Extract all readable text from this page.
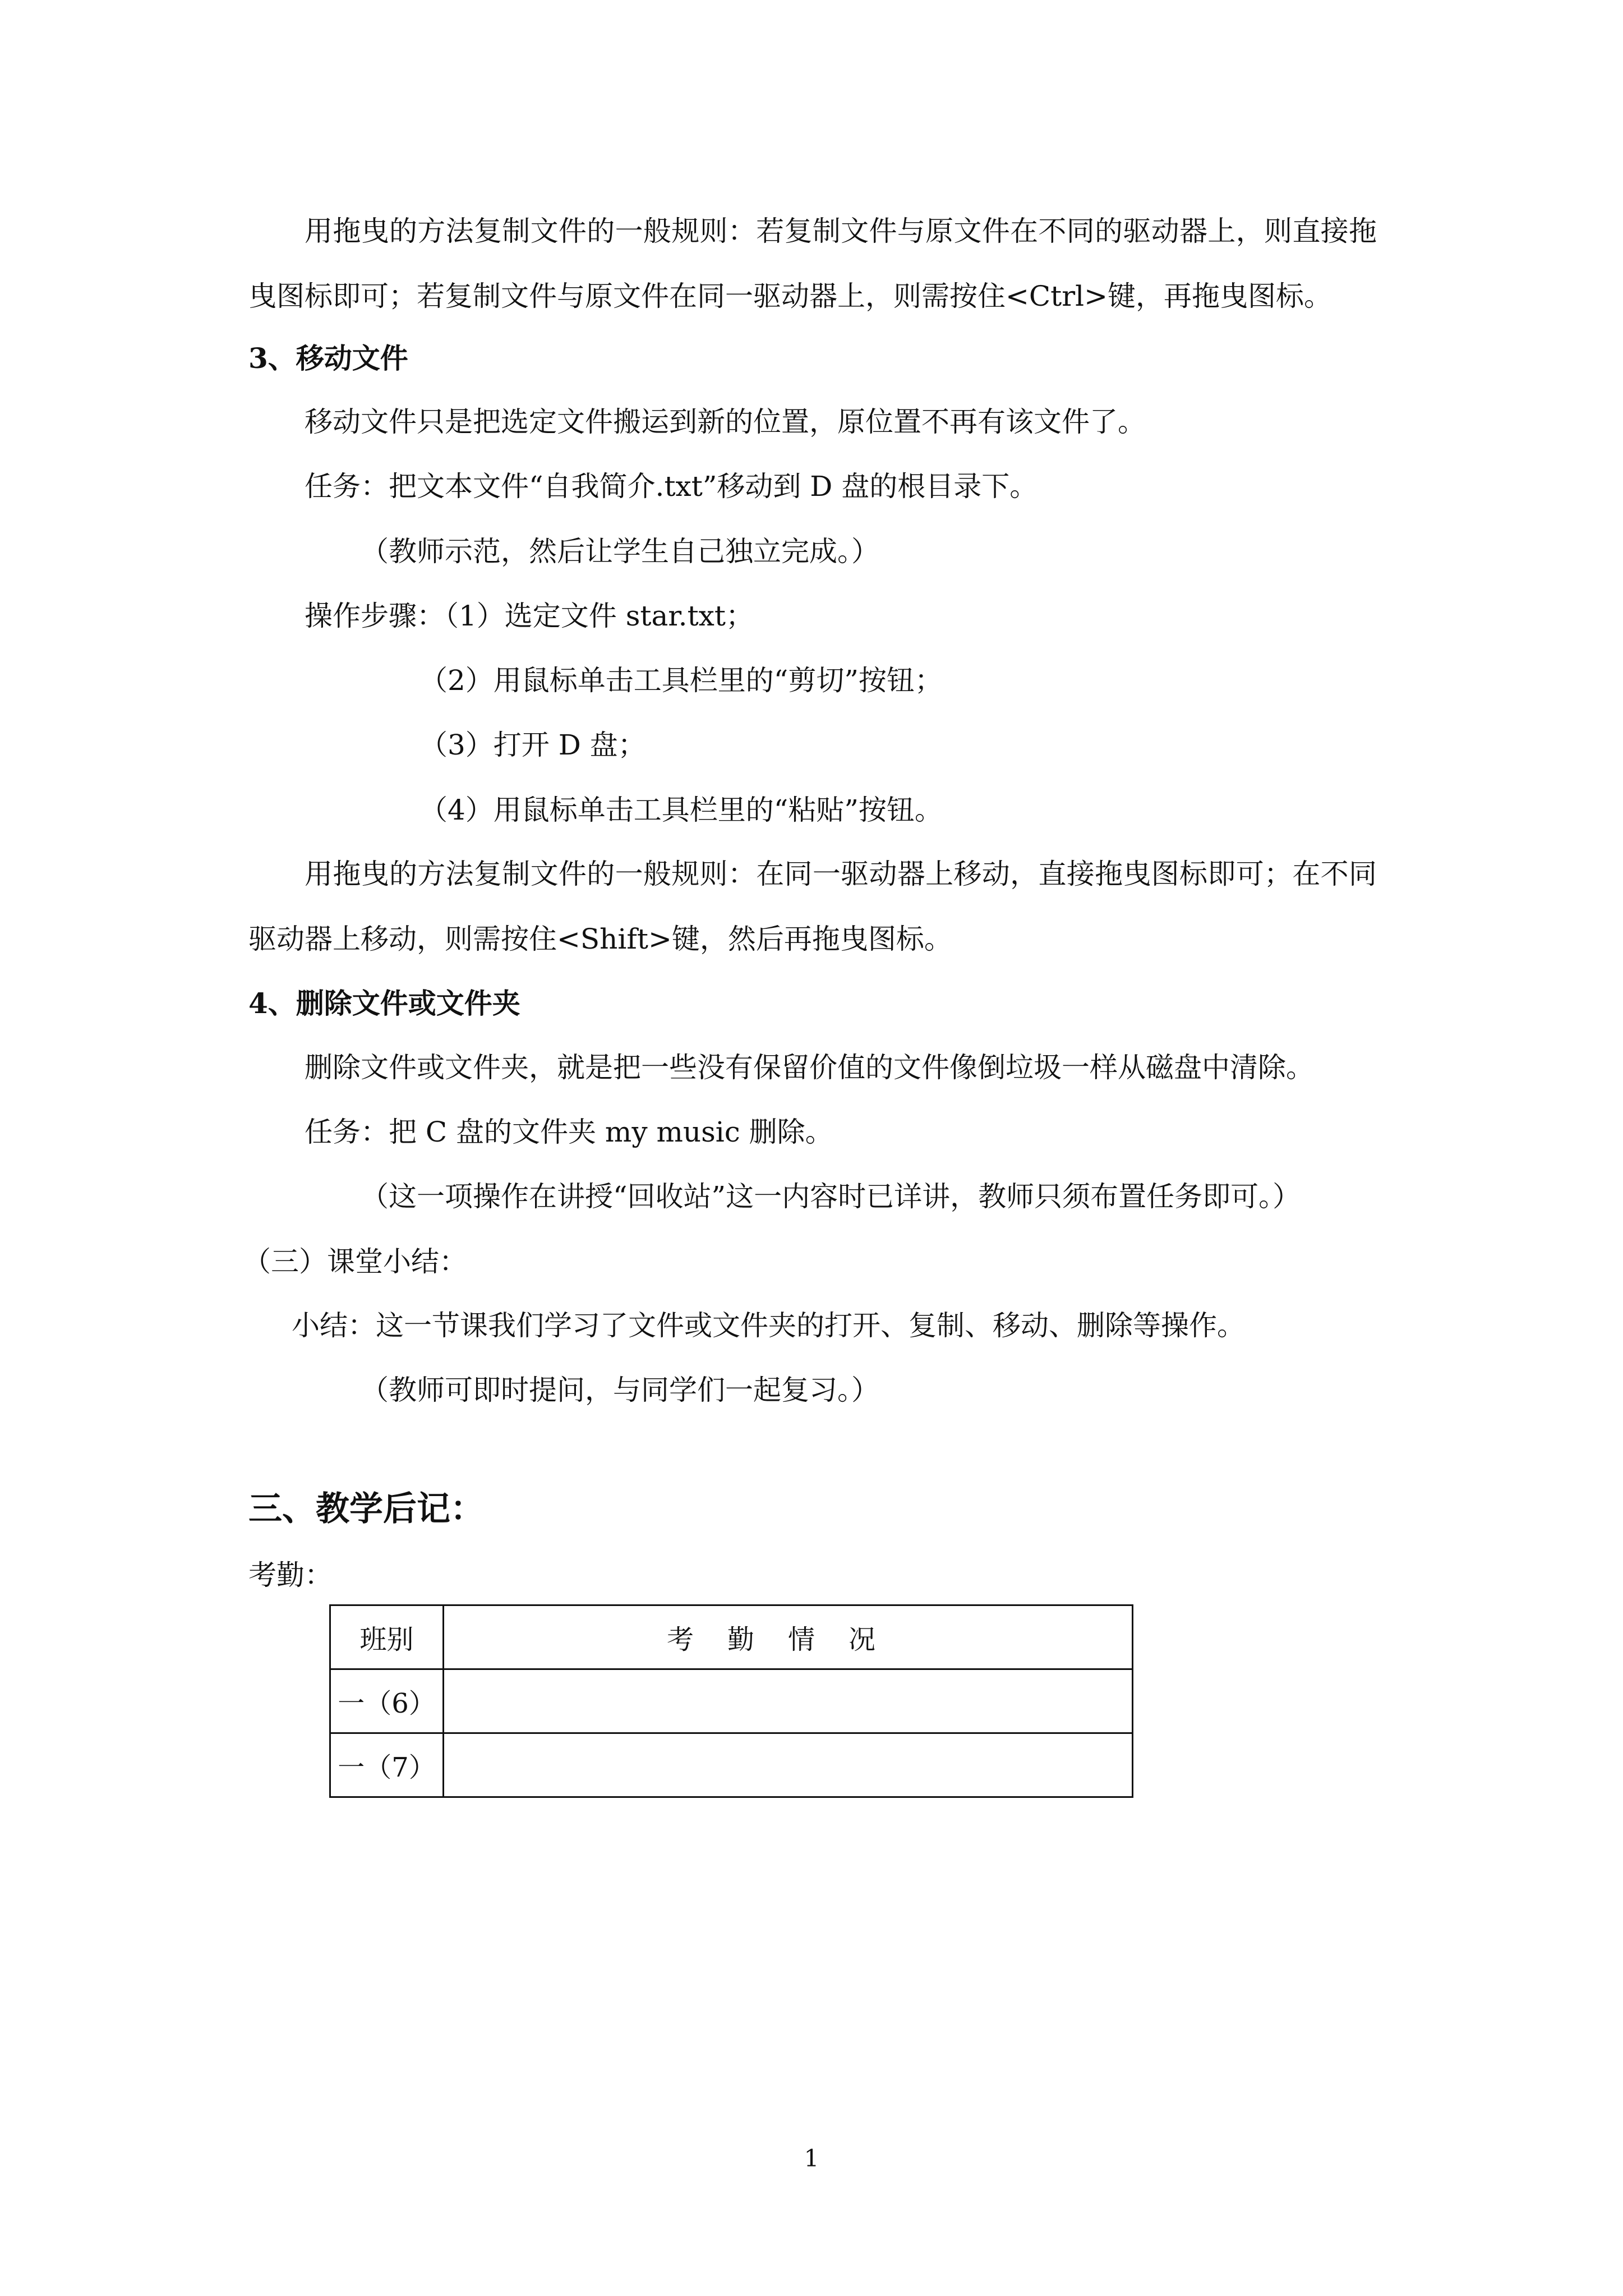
用拖曳的方法复制文件的一般规则：若复制文件与原文件在不同的驱动器上，则直接拖
曳图标即可；若复制文件与原文件在同一驱动器上，则需按住<Ctrl>键，再拖曳图标。
3、移动文件
移动文件只是把选定文件搬运到新的位置，原位置不再有该文件了。
任务：把文本文件“自我简介.txt”移动到 D 盘的根目录下。
（教师示范，然后让学生自己独立完成。）
操作步骤：（1）选定文件 star.txt；
（2）用鼠标单击工具栏里的“剪切”按钮；
（3）打开 D 盘；
（4）用鼠标单击工具栏里的“粘贴”按钮。
用拖曳的方法复制文件的一般规则：在同一驱动器上移动，直接拖曳图标即可；在不同
驱动器上移动，则需按住<Shift>键，然后再拖曳图标。
4、删除文件或文件夹
删除文件或文件夹，就是把一些没有保留价值的文件像倒垃圾一样从磁盘中清除。
任务：把 C 盘的文件夹 my music 删除。
（这一项操作在讲授“回收站”这一内容时已详讲，教师只须布置任务即可。）
（三）课堂小结：
小结：这一节课我们学习了文件或文件夹的打开、复制、移动、删除等操作。
（教师可即时提问，与同学们一起复习。）
三、教学后记：
考勤：
班别	考勤情况
一（6）	
一（7）	
1
